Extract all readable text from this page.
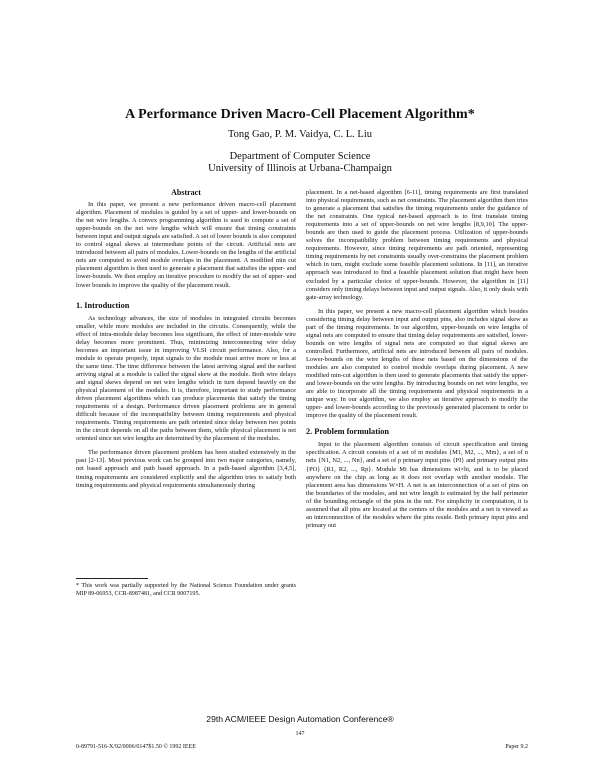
A Performance Driven Macro-Cell Placement Algorithm*
Tong Gao, P. M. Vaidya, C. L. Liu
Department of Computer Science
University of Illinois at Urbana-Champaign
Abstract

In this paper, we present a new performance driven macro-cell placement algorithm. Placement of modules is guided by a set of upper- and lower-bounds on the net wire lengths. A convex programming algorithm is used to compute a set of upper-bounds on the net wire lengths which will ensure that timing constraints between input and output signals are satisfied. A set of lower bounds is also computed to control signal skews at intermediate points of the circuit. Artificial nets are introduced between all pairs of modules. Lower-bounds on the lengths of the artificial nets are computed to avoid module overlaps in the placement. A modified min cut placement algorithm is then used to generate a placement that satisfies the upper- and lower-bounds. We then employ an iterative procedure to modify the set of upper- and lower bounds to improve the quality of the placement result.

1. Introduction

As technology advances, the size of modules in integrated circuits becomes smaller, while more modules are included in the circuits. Consequently, while the effect of intra-module delay becomes less significant, the effect of inter-module wire delay becomes more prominent. Thus, minimizing interconnecting wire delay becomes an important issue in improving VLSI circuit performance. Also, for a module to operate properly, input signals to the module must arrive more or less at the same time. The time difference between the latest arriving signal and the earliest arriving signal at a module is called the signal skew at the module. Both wire delays and signal skews depend on net wire lengths which in turn depend heavily on the physical placement of the modules. It is, therefore, important to study performance driven placement algorithms which can produce placements that satisfy the timing requirements of a design. Performance driven placement problems are in general difficult because of the incompatibility between timing requirements and physical requirements. Timing requirements are path oriented since delay between two points in the circuit depends on all the paths between them, while physical placement is net oriented since net wire lengths are determined by the placement of the modules.

The performance driven placement problem has been studied extensively in the past [2-13]. Most previous work can be grouped into two major categories, namely, net based approach and path based approach. In a path-based algorithm [3,4,5], timing requirements are considered explicitly and the algorithm tries to satisfy both timing requirements and physical requirements simultaneously during

* This work was partially supported by the National Science Foundation under grants MIP 89-06953, CCR-8987481, and CCR 9007195.

placement. In a net-based algorithm [6-11], timing requirements are first translated into physical requirements, such as net constraints. The placement algorithm then tries to generate a placement that satisfies the timing requirements under the guidance of the net constraints. One typical net-based approach is to first translate timing requirements into a set of upper-bounds on net wire lengths [8,9,10]. The upper-bounds are then used to guide the placement process. Utilization of upper-bounds solves the incompatibility problem between timing requirements and physical requirements. However, since timing requirements are path oriented, representing timing requirements by net constraints usually over-constrains the placement problem which in turn, might exclude some feasible placement solutions. In [11], an iterative approach was introduced to find a feasible placement solution that might have been excluded by a particular choice of upper-bounds. However, the algorithm in [11] considers only timing delays between input and output signals. Also, it only deals with gate-array technology.

In this paper, we present a new macro-cell placement algorithm which besides considering timing delay between input and output pins, also includes signal skew as part of the timing requirements. In our algorithm, upper-bounds on wire lengths of signal nets are computed to ensure that timing delay requirements are satisfied, lower-bounds on wire lengths of signal nets are computed so that signal skews are controlled. Furthermore, artificial nets are introduced between all pairs of modules. Lower-bounds on the wire lengths of these nets based on the dimensions of the modules are also computed to control module overlaps during placement. A new modified min-cut algorithm is then used to generate placements that satisfy the upper- and lower-bounds on the wire lengths. By introducing bounds on net wire lengths, we are able to incorporate all the timing requirements and physical requirements in a unique way. In our algorithm, we also employ an iterative approach to modify the upper- and lower-bounds according to the previously generated placement in order to improve the quality of the placement result.

2. Problem formulation

Input to the placement algorithm consists of circuit specification and timing specification. A circuit consists of a set of m modules {M1, M2, ..., Mm}, a set of n nets {N1, N2, ..., Nn}, and a set of p primary input pins {PI} and primary output pins {PO} {R1, R2, ..., Rp}. Module Mi has dimensions wi×hi, and is to be placed anywhere on the chip as long as it does not overlap with another module. The placement area has dimensions W×H. A net is an interconnection of a set of pins on the boundaries of the modules, and net wire length is estimated by the half perimeter of the bounding rectangle of the pins in the net. For simplicity in computation, it is assumed that all pins are located at the centers of the modules and a net is viewed as an interconnection of the modules where the pins reside. Both primary input pins and primary out

29th ACM/IEEE Design Automation Conference®
147
0-89791-516-X/92/0006/0147$1.50 © 1992 IEEE	Paper 9.2
